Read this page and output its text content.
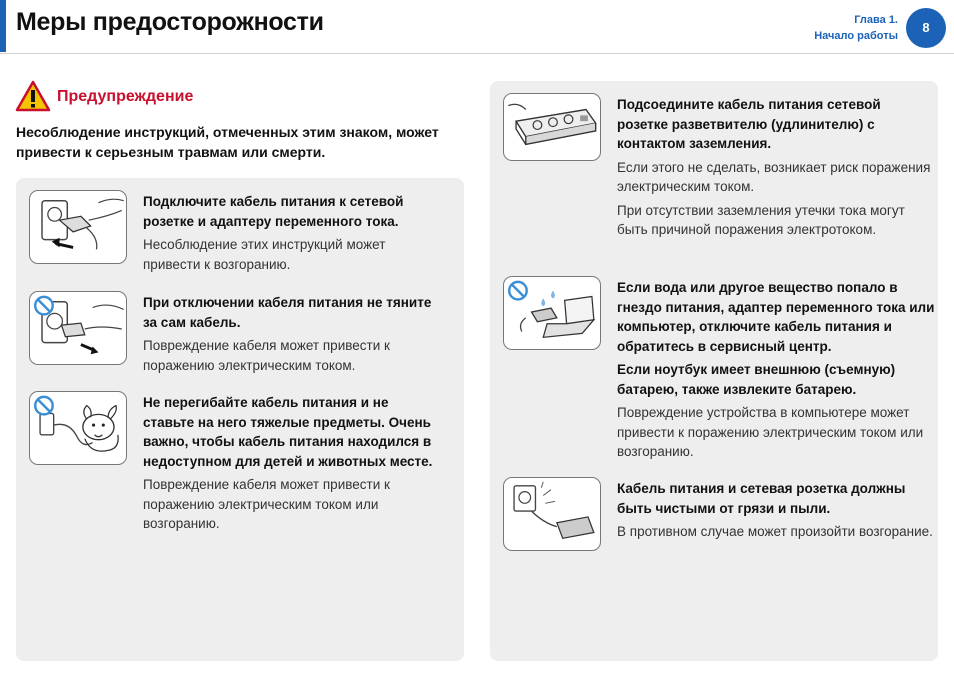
Меры предосторожности	Глава 1.
Начало работы
8
Предупреждение

Несоблюдение инструкций, отмеченных этим знаком, может привести к серьезным травмам или смерти.

Подключите кабель питания к сетевой розетке и адаптеру переменного тока.
Несоблюдение этих инструкций может привести к возгоранию.
При отключении кабеля питания не тяните за сам кабель.
Повреждение кабеля может привести к поражению электрическим током.
Не перегибайте кабель питания и не ставьте на него тяжелые предметы. Очень важно, чтобы кабель питания находился в недоступном для детей и животных месте.
Повреждение кабеля может привести к поражению электрическим током или возгоранию.
Подсоедините кабель питания сетевой розетке разветвителю (удлинителю) с контактом заземления.
Если этого не сделать, возникает риск поражения электрическим током.
При отсутствии заземления утечки тока могут быть причиной поражения электротоком.
Если вода или другое вещество попало в гнездо питания, адаптер переменного тока или компьютер, отключите кабель питания и обратитесь в сервисный центр.
Если ноутбук имеет внешнюю (съемную) батарею, также извлеките батарею.
Повреждение устройства в компьютере может привести к поражению электрическим током или возгоранию.
Кабель питания и сетевая розетка должны быть чистыми от грязи и пыли.
В противном случае может произойти возгорание.
